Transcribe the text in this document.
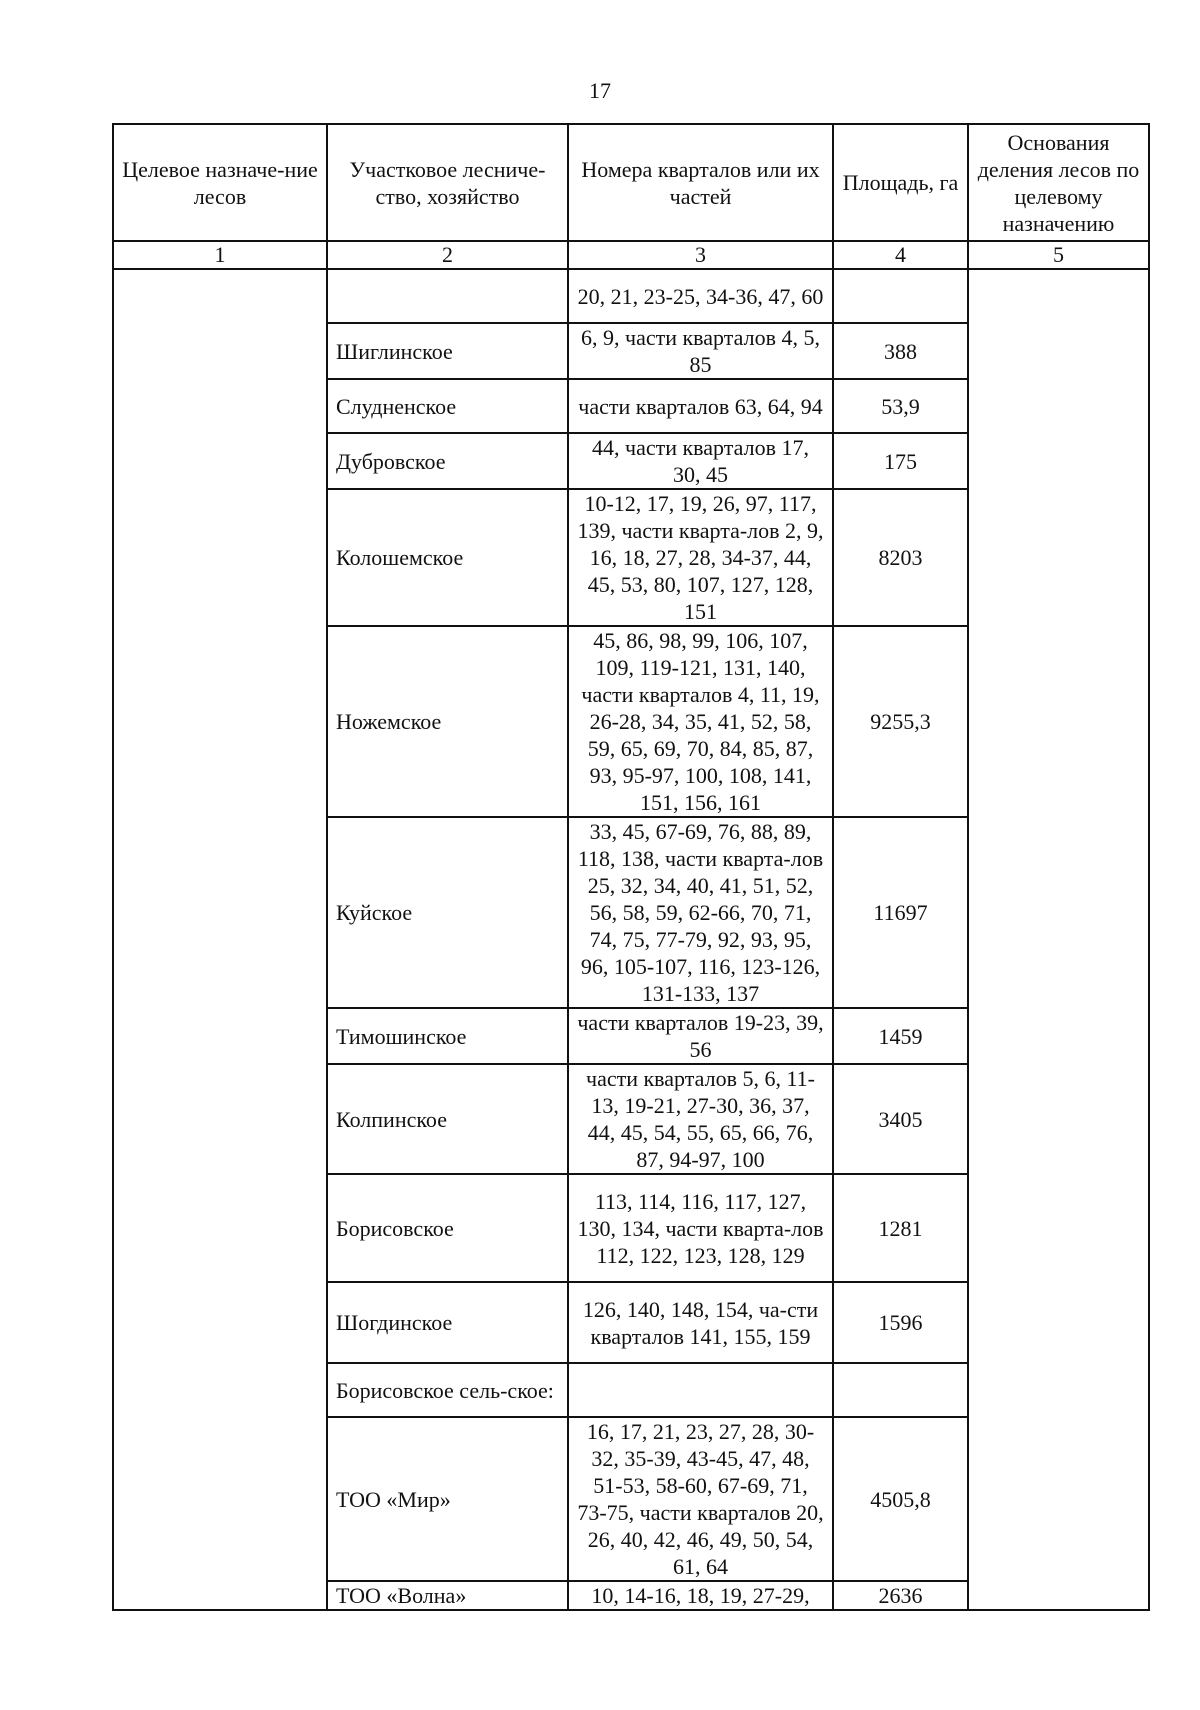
17
Целевое назначе-ние лесов	Участковое лесниче-ство, хозяйство	Номера кварталов или их частей	Площадь, га	Основания деления лесов по целевому назначению
1	2	3	4	5
		20, 21, 23-25, 34-36, 47, 60		
	Шиглинское	6, 9, части кварталов 4, 5, 85	388	
	Слудненское	части кварталов 63, 64, 94	53,9	
	Дубровское	44, части кварталов 17, 30, 45	175	
	Колошемское	10-12, 17, 19, 26, 97, 117, 139, части кварта-лов 2, 9, 16, 18, 27, 28, 34-37, 44, 45, 53, 80, 107, 127, 128, 151	8203	
	Ножемское	45, 86, 98, 99, 106, 107, 109, 119-121, 131, 140, части кварталов 4, 11, 19, 26-28, 34, 35, 41, 52, 58, 59, 65, 69, 70, 84, 85, 87, 93, 95-97, 100, 108, 141, 151, 156, 161	9255,3	
	Куйское	33, 45, 67-69, 76, 88, 89, 118, 138, части кварта-лов 25, 32, 34, 40, 41, 51, 52, 56, 58, 59, 62-66, 70, 71, 74, 75, 77-79, 92, 93, 95, 96, 105-107, 116, 123-126, 131-133, 137	11697	
	Тимошинское	части кварталов 19-23, 39, 56	1459	
	Колпинское	части кварталов 5, 6, 11-13, 19-21, 27-30, 36, 37, 44, 45, 54, 55, 65, 66, 76, 87, 94-97, 100	3405	
	Борисовское	113, 114, 116, 117, 127, 130, 134, части кварта-лов 112, 122, 123, 128, 129	1281	
	Шогдинское	126, 140, 148, 154, ча-сти кварталов 141, 155, 159	1596	
	Борисовское сель-ское:			
	ТОО «Мир»	16, 17, 21, 23, 27, 28, 30-32, 35-39, 43-45, 47, 48, 51-53, 58-60, 67-69, 71, 73-75, части кварталов 20, 26, 40, 42, 46, 49, 50, 54, 61, 64	4505,8	
	ТОО «Волна»	10, 14-16, 18, 19, 27-29,	2636	
